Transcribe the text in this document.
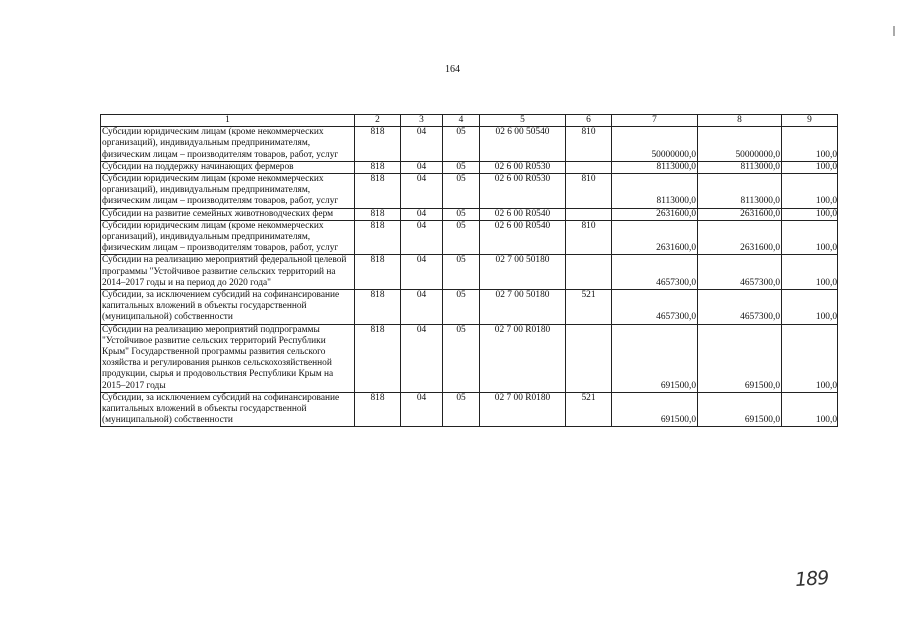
164
1	2	3	4	5	6	7	8	9
Субсидии юридическим лицам (кроме некоммерческих организаций), индивидуальным предпринимателям, физическим лицам – производителям товаров, работ, услуг	818	04	05	02 6 00 50540	810	50000000,0	50000000,0	100,0
Субсидии на поддержку начинающих фермеров	818	04	05	02 6 00 R0530		8113000,0	8113000,0	100,0
Субсидии юридическим лицам (кроме некоммерческих организаций), индивидуальным предпринимателям, физическим лицам – производителям товаров, работ, услуг	818	04	05	02 6 00 R0530	810	8113000,0	8113000,0	100,0
Субсидии на развитие семейных животноводческих ферм	818	04	05	02 6 00 R0540		2631600,0	2631600,0	100,0
Субсидии юридическим лицам (кроме некоммерческих организаций), индивидуальным предпринимателям, физическим лицам – производителям товаров, работ, услуг	818	04	05	02 6 00 R0540	810	2631600,0	2631600,0	100,0
Субсидии на реализацию мероприятий федеральной целевой программы "Устойчивое развитие сельских территорий на 2014–2017 годы и на период до 2020 года"	818	04	05	02 7 00 50180		4657300,0	4657300,0	100,0
Субсидии, за исключением субсидий на софинансирование капитальных вложений в объекты государственной (муниципальной) собственности	818	04	05	02 7 00 50180	521	4657300,0	4657300,0	100,0
Субсидии на реализацию мероприятий подпрограммы "Устойчивое развитие сельских территорий Республики Крым" Государственной программы развития сельского хозяйства и регулирования рынков сельскохозяйственной продукции, сырья и продовольствия Республики Крым на 2015–2017 годы	818	04	05	02 7 00 R0180		691500,0	691500,0	100,0
Субсидии, за исключением субсидий на софинансирование капитальных вложений в объекты государственной (муниципальной) собственности	818	04	05	02 7 00 R0180	521	691500,0	691500,0	100,0
189
